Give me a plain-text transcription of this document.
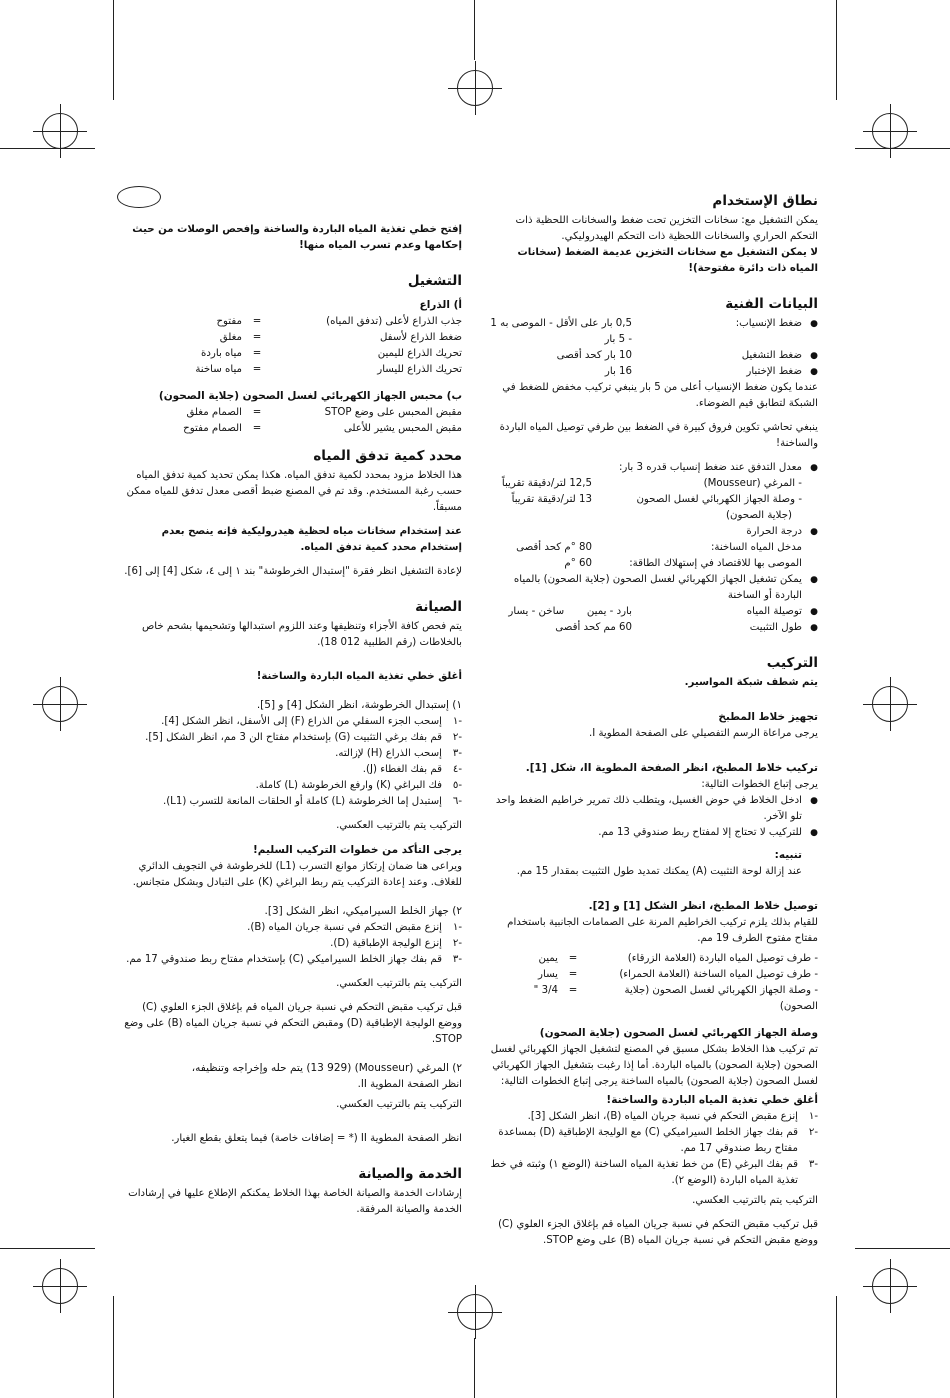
نطاق الإستخدام

يمكن التشغيل مع: سخانات التخزين تحت ضغط والسخانات اللحظية ذات التحكم الحراري والسخانات اللحظية ذات التحكم الهيدروليكي.

لا يمكن التشغيل مع سخانات التخزين عديمة الضغط (سخانات المياه ذات دائرة مفتوحة)!

البيانات الفنية
●
ضغط الإنسياب:
0,5 بار على الأقل - الموصى به 1 - 5 بار
●
ضغط التشغيل
10 بار كحد أقصى
●
ضغط الإختبار
16 بار

عندما يكون ضغط الإنسياب أعلى من 5 بار ينبغي تركيب مخفض للضغط في الشبكة لتطابق قيم الضوضاء.

ينبغي تحاشي تكوين فروق كبيرة في الضغط بين طرفي توصيل المياه الباردة والساخنة!

●
معدل التدفق عند ضغط إنسياب قدره 3 بار:
- المرغي (Mousseur)
12,5 لتر/دقيقة تقريباً
- وصلة الجهاز الكهربائي لغسل الصحون
13 لتر/دقيقة تقريباً
(جلاية الصحون)
●
درجة الحرارة
مدخل المياه الساخنة:
80 °م كحد أقصى
الموصى بها للاقتصاد في إستهلاك الطاقة:
60 °م
●
يمكن تشغيل الجهاز الكهربائي لغسل الصحون (جلاية الصحون) بالمياه الباردة أو الساخنة
●
توصيلة المياه
بارد - يمين       ساخن - يسار
●
طول التثبيت
60 مم كحد أقصى
التركيب

يتم شطف شبكة المواسير.

تجهيز خلاط المطبخ

يرجى مراعاة الرسم التفصيلي على الصفحة المطوية I.

تركيب خلاط المطبخ، انظر الصفحة المطوية II، شكل [1].

يرجى إتباع الخطوات التالية:

●
ادخل الخلاط في حوض الغسيل، ويتطلب ذلك تمرير خراطيم الضغط واحد تلو الآخر.
●
للتركيب لا تحتاج إلا لمفتاح ربط صندوقي 13 مم.
تنبيه:

عند إزالة لوحة التثبيت (A) يمكنك تمديد طول التثبيت بمقدار 15 مم.

توصيل خلاط المطبخ، انظر الشكل [1] و [2].

للقيام بذلك يلزم تركيب الخراطيم المرنة على الصمامات الجانبية باستخدام مفتاح مفتوح الطرف 19 مم.

- طرف توصيل المياه الباردة (العلامة الزرقاء)
=
يمين
- طرف توصيل المياه الساخنة (العلامة الحمراء)
=
يسار
- وصلة الجهاز الكهربائي لغسل الصحون (جلاية الصحون)
=
3/4 "
وصلة الجهاز الكهربائي لغسل الصحون (جلاية الصحون)

تم تركيب هذا الخلاط بشكل مسبق في المصنع لتشغيل الجهاز الكهربائي لغسل الصحون (جلاية الصحون) بالمياه الباردة. أما إذا رغبت بتشغيل الجهاز الكهربائي لغسل الصحون (جلاية الصحون) بالمياه الساخنة يرجى إتباع الخطوات التالية:

أغلق خطي تغذية المياه الباردة والساخنة!
-١
إنزع مقبض التحكم في نسبة جريان المياه (B)، انظر الشكل [3].
-٢
قم بفك جهاز الخلط السيراميكي (C) مع الوليجة الإطباقية (D) بمساعدة مفتاح ربط صندوقي 17 مم.
-٣
قم بفك البرغي (E) من خط تغذية المياه الساخنة (الوضع ١) وثبته في خط تغذية المياه الباردة (الوضع ٢).

التركيب يتم بالترتيب العكسي.

قبل تركيب مقبض التحكم في نسبة جريان المياه قم بإغلاق الجزء العلوي (C) ووضع مقبض التحكم في نسبة جريان المياه (B) على وضع STOP.

إفتح خطي تغذية المياه الباردة والساخنة وإفحص الوصلات من حيث إحكامها وعدم تسرب المياه منها!

التشغيل
أ) الذراع
جذب الذراع لأعلى (تدفق المياه)
=
مفتوح
ضغط الذراع لأسفل
=
مغلق
تحريك الذراع لليمين
=
مياه باردة
تحريك الذراع لليسار
=
مياه ساخنة
ب) محبس الجهاز الكهربائي لغسل الصحون (جلاية الصحون)
مقبض المحبس على وضع STOP
=
الصمام مغلق
مقبض المحبس يشير للأعلى
=
الصمام مفتوح
محدد كمية تدفق المياه

هذا الخلاط مزود بمحدد لكمية تدفق المياه. هكذا يمكن تحديد كمية تدفق المياه حسب رغبة المستخدم. وقد تم في المصنع ضبط أقصى معدل تدفق للمياه ممكن مسبقاً.

عند إستخدام سخانات مياه لحظية هيدروليكية فإنه ينصح بعدم إستخدام محدد كمية تدفق المياه.

لإعادة التشغيل انظر فقرة "إستبدال الخرطوشة" بند ١ إلى ٤، شكل [4] إلى [6].

الصيانة

يتم فحص كافة الأجزاء وتنظيفها وعند اللزوم استبدالها وتشحيمها بشحم خاص بالخلاطات (رقم الطلبية 012 18).

أغلق خطي تغذية المياه الباردة والساخنة!

١) إستبدال الخرطوشة، انظر الشكل [4] و [5].
-١
إسحب الجزء السفلي من الذراع (F) إلى الأسفل، انظر الشكل [4].
-٢
قم بفك برغي التثبيت (G) بإستخدام مفتاح الن 3 مم، انظر الشكل [5].
-٣
إسحب الذراع (H) لإزالته.
-٤
قم بفك الغطاء (J).
-٥
فك البراغي (K) وارفع الخرطوشة (L) كاملة.
-٦
إستبدل إما الخرطوشة (L) كاملة أو الحلقات المانعة للتسرب (L1).

التركيب يتم بالترتيب العكسي.

يرجى التأكد من خطوات التركيب السليم!

ويراعى هنا ضمان إرتكاز موانع التسرب (L1) للخرطوشة في التجويف الدائري للغلاف. وعند إعادة التركيب يتم ربط البراغي (K) على التبادل وبشكل متجانس.

٢) جهاز الخلط السيراميكي، انظر الشكل [3].
-١
إنزع مقبض التحكم في نسبة جريان المياه (B).
-٢
إنزع الوليجة الإطباقية (D).
-٣
قم بفك جهاز الخلط السيراميكي (C) بإستخدام مفتاح ربط صندوقي 17 مم.

التركيب يتم بالترتيب العكسي.

قبل تركيب مقبض التحكم في نسبة جريان المياه قم بإغلاق الجزء العلوي (C) ووضع الوليجة الإطباقية (D) ومقبض التحكم في نسبة جريان المياه (B) على وضع STOP.

٢) المرغي (Mousseur) (13 929) يتم حله وإخراجه وتنظيفه،

انظر الصفحة المطوية II.

التركيب يتم بالترتيب العكسي.

انظر الصفحة المطوية II (* = إضافات خاصة) فيما يتعلق بقطع الغيار.

الخدمة والصيانة

إرشادات الخدمة والصيانة الخاصة بهذا الخلاط يمكنكم الإطلاع عليها في إرشادات الخدمة والصيانة المرفقة.
